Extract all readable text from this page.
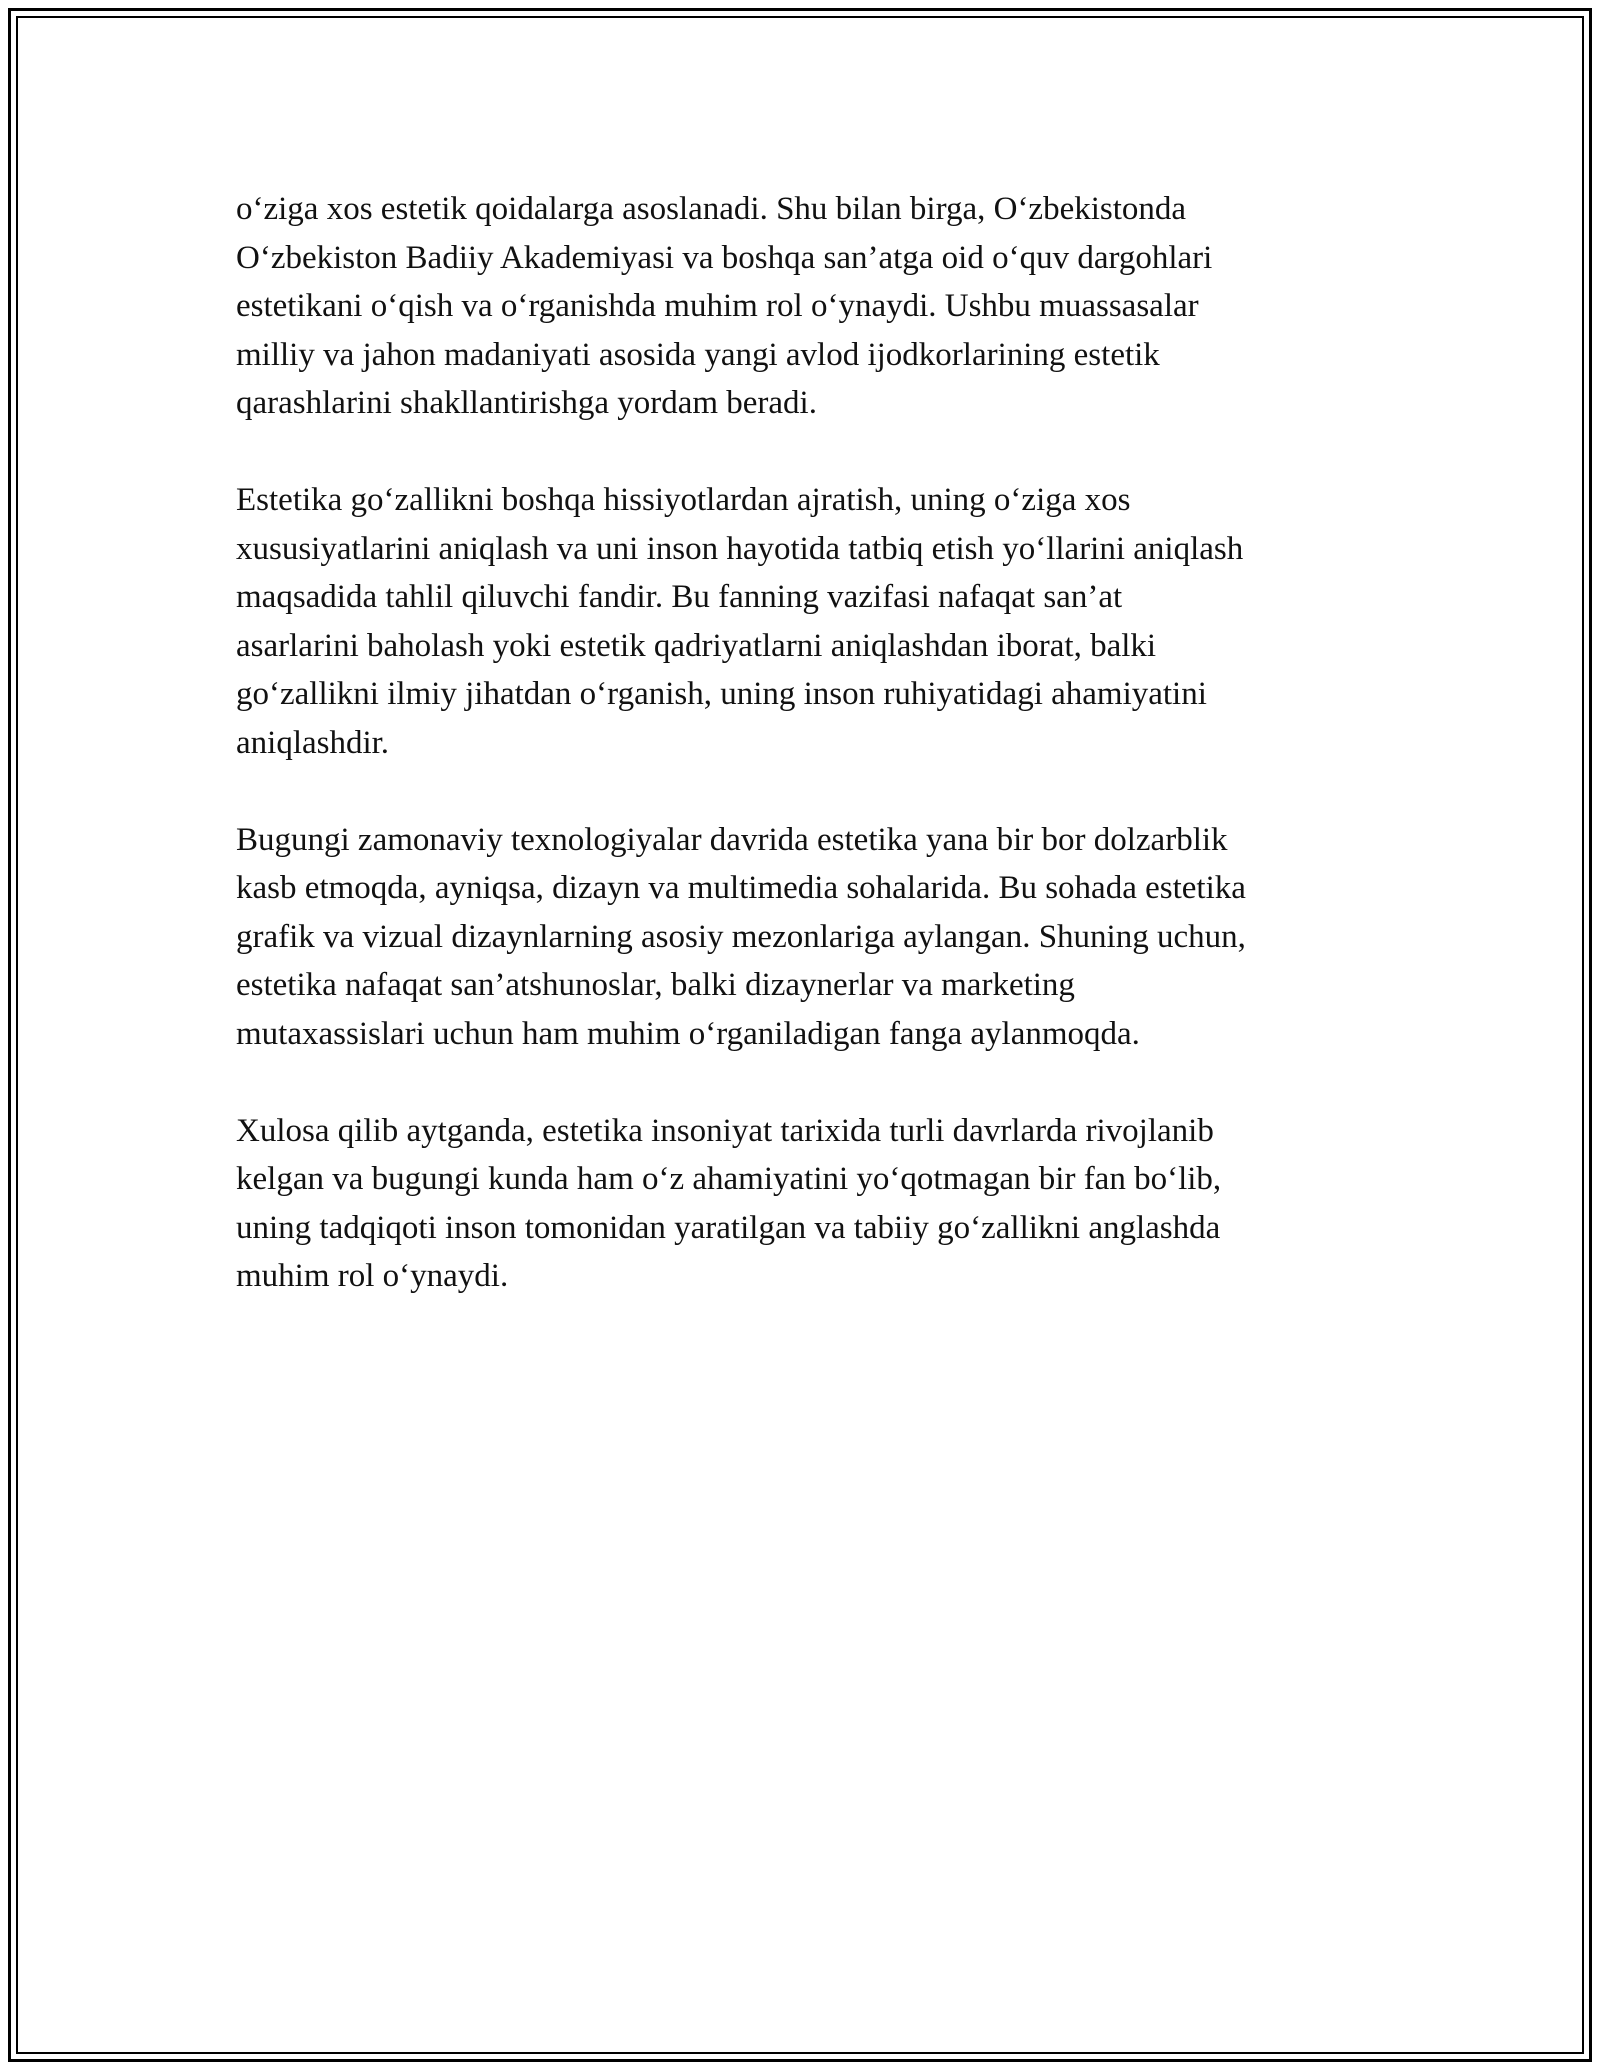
o‘ziga xos estetik qoidalarga asoslanadi. Shu bilan birga, O‘zbekistonda
O‘zbekiston Badiiy Akademiyasi va boshqa san’atga oid o‘quv dargohlari
estetikani o‘qish va o‘rganishda muhim rol o‘ynaydi. Ushbu muassasalar
milliy va jahon madaniyati asosida yangi avlod ijodkorlarining estetik
qarashlarini shakllantirishga yordam beradi.

Estetika go‘zallikni boshqa hissiyotlardan ajratish, uning o‘ziga xos
xususiyatlarini aniqlash va uni inson hayotida tatbiq etish yo‘llarini aniqlash
maqsadida tahlil qiluvchi fandir. Bu fanning vazifasi nafaqat san’at
asarlarini baholash yoki estetik qadriyatlarni aniqlashdan iborat, balki
go‘zallikni ilmiy jihatdan o‘rganish, uning inson ruhiyatidagi ahamiyatini
aniqlashdir.

Bugungi zamonaviy texnologiyalar davrida estetika yana bir bor dolzarblik
kasb etmoqda, ayniqsa, dizayn va multimedia sohalarida. Bu sohada estetika
grafik va vizual dizaynlarning asosiy mezonlariga aylangan. Shuning uchun,
estetika nafaqat san’atshunoslar, balki dizaynerlar va marketing
mutaxassislari uchun ham muhim o‘rganiladigan fanga aylanmoqda.

Xulosa qilib aytganda, estetika insoniyat tarixida turli davrlarda rivojlanib
kelgan va bugungi kunda ham o‘z ahamiyatini yo‘qotmagan bir fan bo‘lib,
uning tadqiqoti inson tomonidan yaratilgan va tabiiy go‘zallikni anglashda
muhim rol o‘ynaydi.
